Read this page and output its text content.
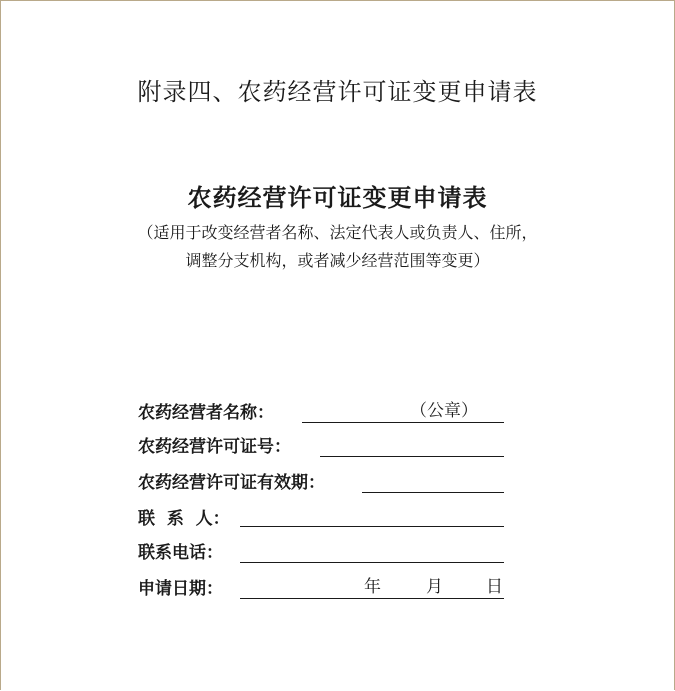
附录四、农药经营许可证变更申请表
农药经营许可证变更申请表
（适用于改变经营者名称、法定代表人或负责人、住所，
调整分支机构，或者减少经营范围等变更）
农药经营者名称：	（公章）
农药经营许可证号：
农药经营许可证有效期：
联  系  人：
联系电话：
申请日期：	年	月	日
